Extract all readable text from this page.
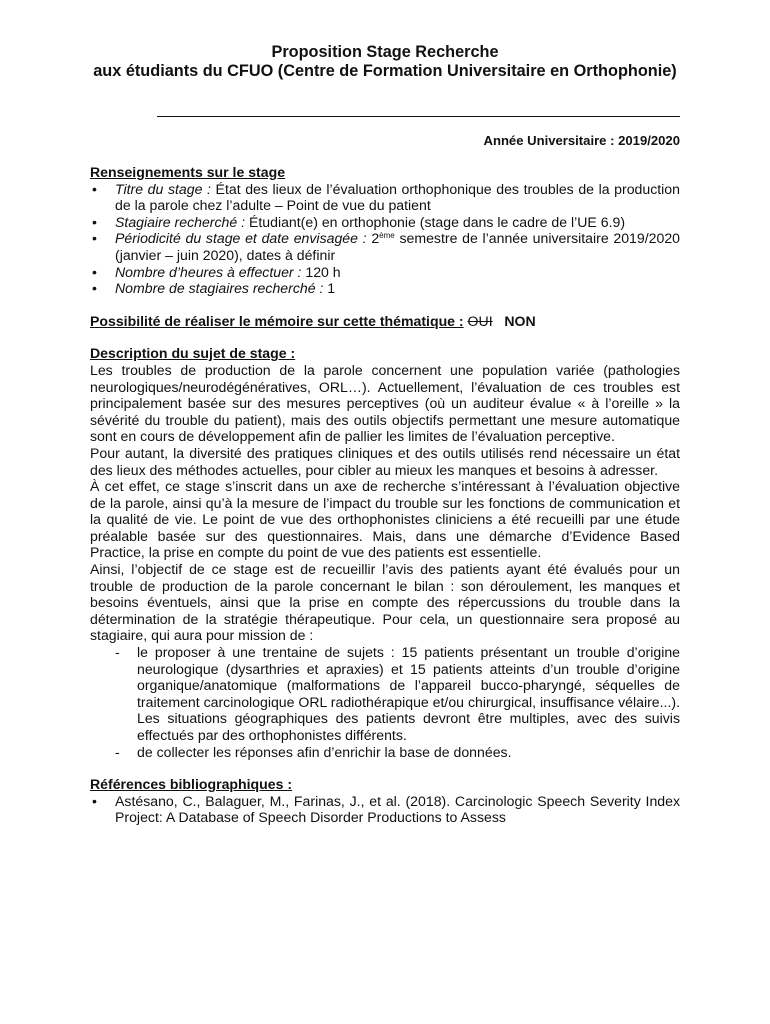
Proposition Stage Recherche
aux étudiants du CFUO (Centre de Formation Universitaire en Orthophonie)
Année Universitaire : 2019/2020
Renseignements sur le stage
• Titre du stage : État des lieux de l’évaluation orthophonique des troubles de la production de la parole chez l’adulte – Point de vue du patient
• Stagiaire recherché : Étudiant(e) en orthophonie (stage dans le cadre de l’UE 6.9)
• Périodicité du stage et date envisagée : 2ème semestre de l’année universitaire 2019/2020 (janvier – juin 2020), dates à définir
• Nombre d’heures à effectuer : 120 h
• Nombre de stagiaires recherché : 1
Possibilité de réaliser le mémoire sur cette thématique : OUI NON
Description du sujet de stage :
Les troubles de production de la parole concernent une population variée (pathologies neurologiques/neurodégénératives, ORL…). Actuellement, l’évaluation de ces troubles est principalement basée sur des mesures perceptives (où un auditeur évalue « à l’oreille » la sévérité du trouble du patient), mais des outils objectifs permettant une mesure automatique sont en cours de développement afin de pallier les limites de l’évaluation perceptive.
Pour autant, la diversité des pratiques cliniques et des outils utilisés rend nécessaire un état des lieux des méthodes actuelles, pour cibler au mieux les manques et besoins à adresser.
À cet effet, ce stage s’inscrit dans un axe de recherche s’intéressant à l’évaluation objective de la parole, ainsi qu’à la mesure de l’impact du trouble sur les fonctions de communication et la qualité de vie. Le point de vue des orthophonistes cliniciens a été recueilli par une étude préalable basée sur des questionnaires. Mais, dans une démarche d’Evidence Based Practice, la prise en compte du point de vue des patients est essentielle.
Ainsi, l’objectif de ce stage est de recueillir l’avis des patients ayant été évalués pour un trouble de production de la parole concernant le bilan : son déroulement, les manques et besoins éventuels, ainsi que la prise en compte des répercussions du trouble dans la détermination de la stratégie thérapeutique. Pour cela, un questionnaire sera proposé au stagiaire, qui aura pour mission de :
- le proposer à une trentaine de sujets : 15 patients présentant un trouble d’origine neurologique (dysarthries et apraxies) et 15 patients atteints d’un trouble d’origine organique/anatomique (malformations de l’appareil bucco-pharyngé, séquelles de traitement carcinologique ORL radiothérapique et/ou chirurgical, insuffisance vélaire...). Les situations géographiques des patients devront être multiples, avec des suivis effectués par des orthophonistes différents.
- de collecter les réponses afin d’enrichir la base de données.
Références bibliographiques :
• Astésano, C., Balaguer, M., Farinas, J., et al. (2018). Carcinologic Speech Severity Index Project: A Database of Speech Disorder Productions to Assess
